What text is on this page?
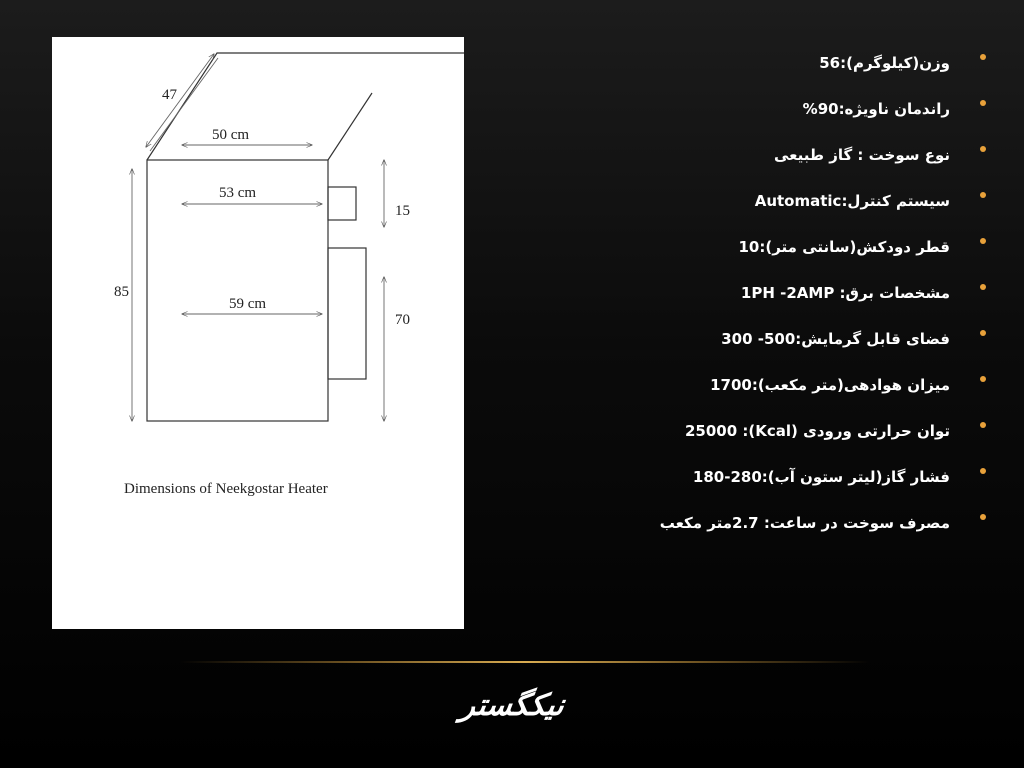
47
50 cm
53 cm
59 cm
85
15
70
Dimensions of Neekgostar Heater
وزن(کیلوگرم):56
راندمان ناویژه:90%
نوع سوخت : گاز طبیعی
سیستم کنترل:Automatic
قطر دودکش(سانتی متر):10
مشخصات برق: 1PH -2AMP
فضای قابل گرمایش:500- 300
میزان هوادهی(متر مکعب):1700
توان حرارتی ورودی (Kcal): 25000
فشار گاز(لیتر ستون آب):280-180
مصرف سوخت در ساعت: 2.7متر مکعب
نیکگستر
